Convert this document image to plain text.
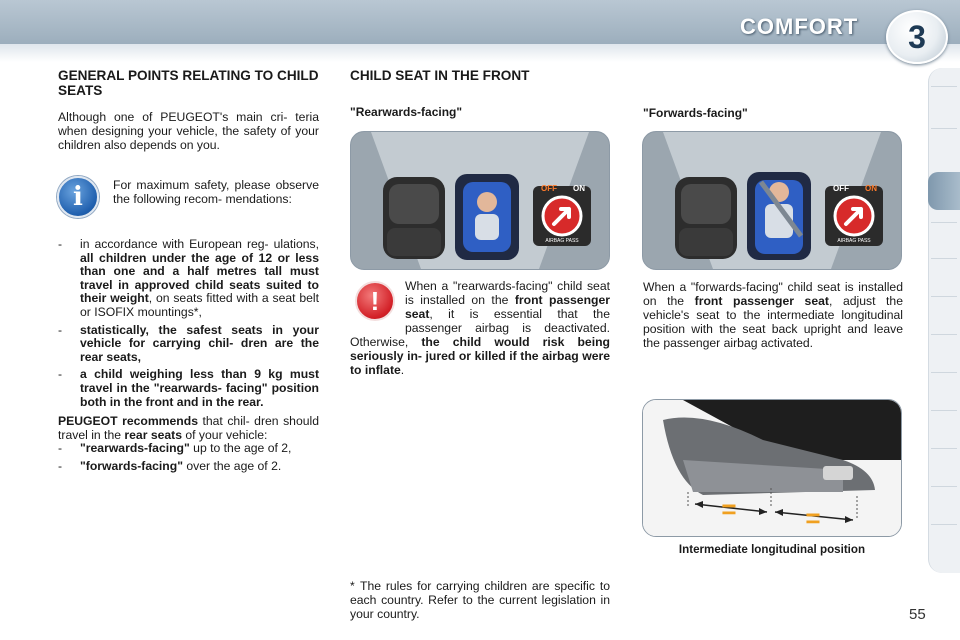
COMFORT	3
GENERAL POINTS RELATING TO CHILD SEATS
Although one of PEUGEOT's main cri- teria when designing your vehicle, the safety of your children also depends on you.
i	For maximum safety, please observe the following recom- mendations:
- in accordance with European reg- ulations, all children under the age of 12 or less than one and a half metres tall must travel in approved child seats suited to their weight, on seats fitted with a seat belt or ISOFIX mountings*,
- statistically, the safest seats in your vehicle for carrying chil- dren are the rear seats,
- a child weighing less than 9 kg must travel in the "rearwards- facing" position both in the front and in the rear.
PEUGEOT recommends that chil- dren should travel in the rear seats of your vehicle:
- "rearwards-facing" up to the age of 2,
- "forwards-facing" over the age of 2.
CHILD SEAT IN THE FRONT
"Rearwards-facing"
OFF ON
AIRBAG PASS
!	When a "rearwards-facing" child seat is installed on the front passenger seat, it is essential that the passenger airbag is deactivated. Otherwise, the child would risk being seriously in- jured or killed if the airbag were to inflate.
* The rules for carrying children are specific to each country. Refer to the current legislation in your country.
"Forwards-facing"
OFF ON
AIRBAG PASS
When a "forwards-facing" child seat is installed on the front passenger seat, adjust the vehicle's seat to the intermediate longitudinal position with the seat back upright and leave the passenger airbag activated.
=	=
Intermediate longitudinal position
55
